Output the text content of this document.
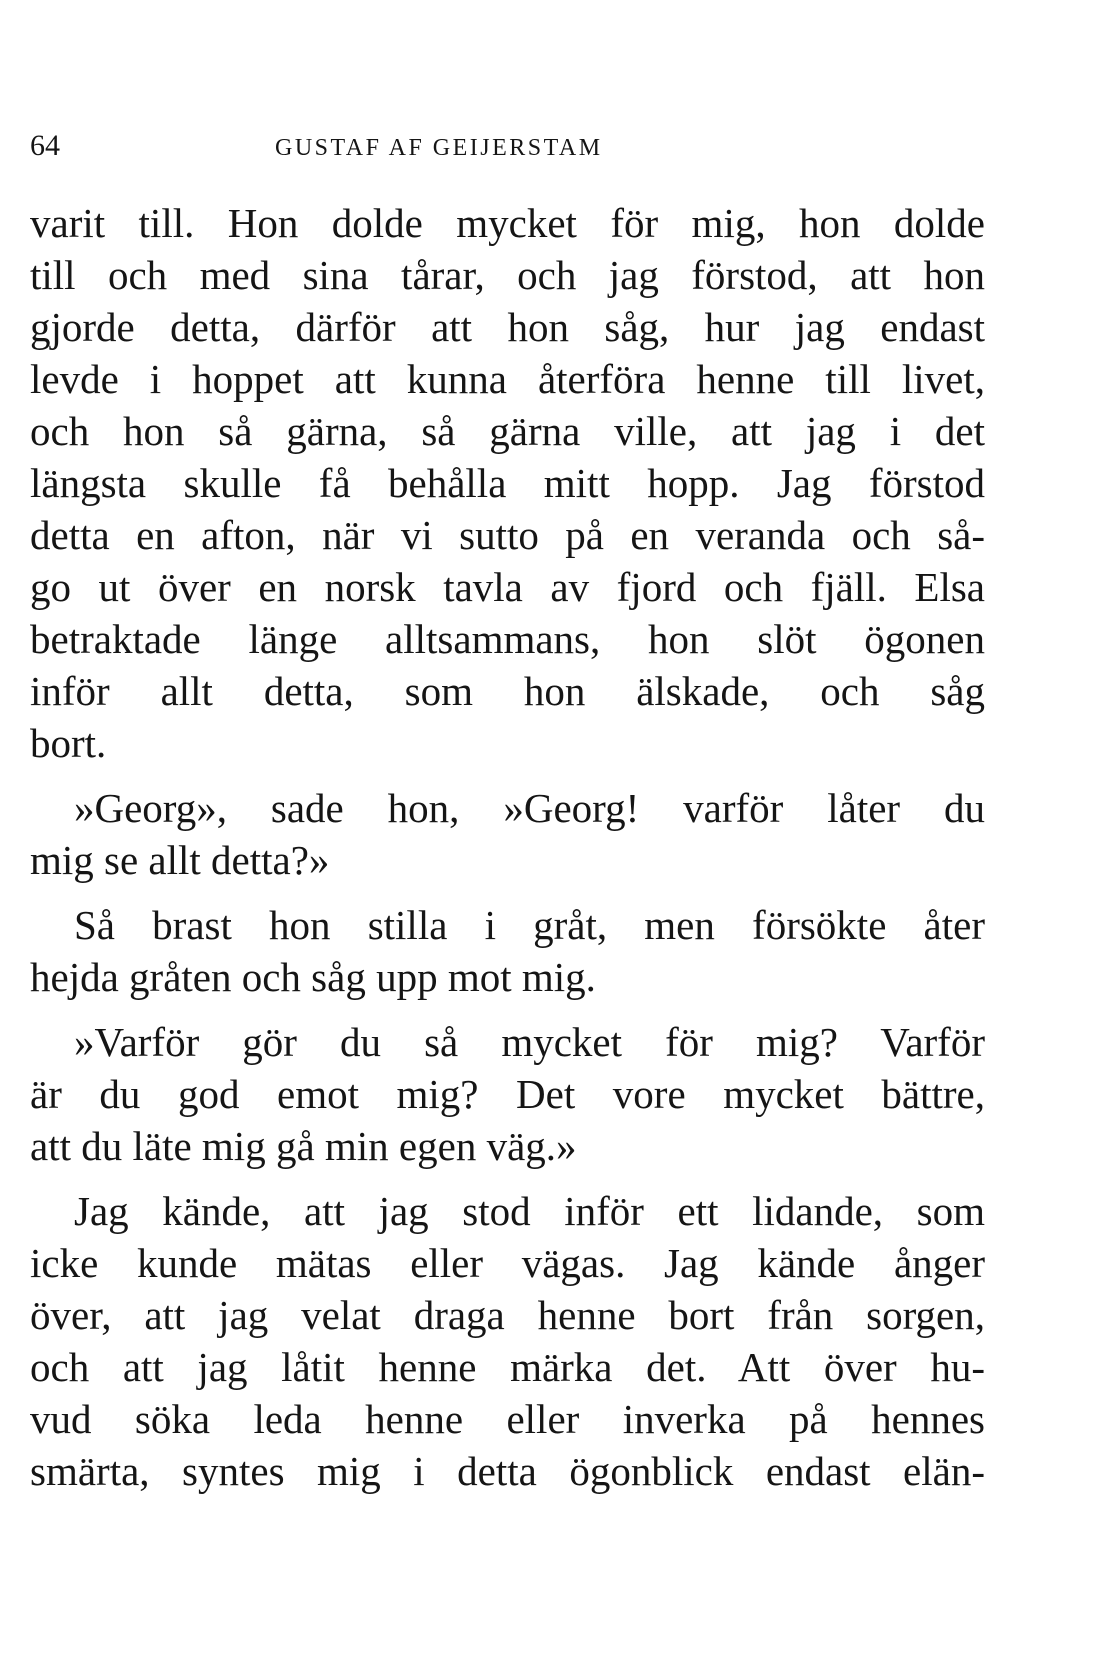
64	GUSTAF AF GEIJERSTAM
varit till. Hon dolde mycket för mig, hon dolde
till och med sina tårar, och jag förstod, att hon
gjorde detta, därför att hon såg, hur jag endast
levde i hoppet att kunna återföra henne till livet,
och hon så gärna, så gärna ville, att jag i det
längsta skulle få behålla mitt hopp. Jag förstod
detta en afton, när vi sutto på en veranda och så-
go ut över en norsk tavla av fjord och fjäll. Elsa
betraktade länge alltsammans, hon slöt ögonen
inför allt detta, som hon älskade, och såg
bort.
»Georg», sade hon, »Georg! varför låter du
mig se allt detta?»
Så brast hon stilla i gråt, men försökte åter
hejda gråten och såg upp mot mig.
»Varför gör du så mycket för mig? Varför
är du god emot mig? Det vore mycket bättre,
att du läte mig gå min egen väg.»
Jag kände, att jag stod inför ett lidande, som
icke kunde mätas eller vägas. Jag kände ånger
över, att jag velat draga henne bort från sorgen,
och att jag låtit henne märka det. Att över hu-
vud söka leda henne eller inverka på hennes
smärta, syntes mig i detta ögonblick endast elän-
